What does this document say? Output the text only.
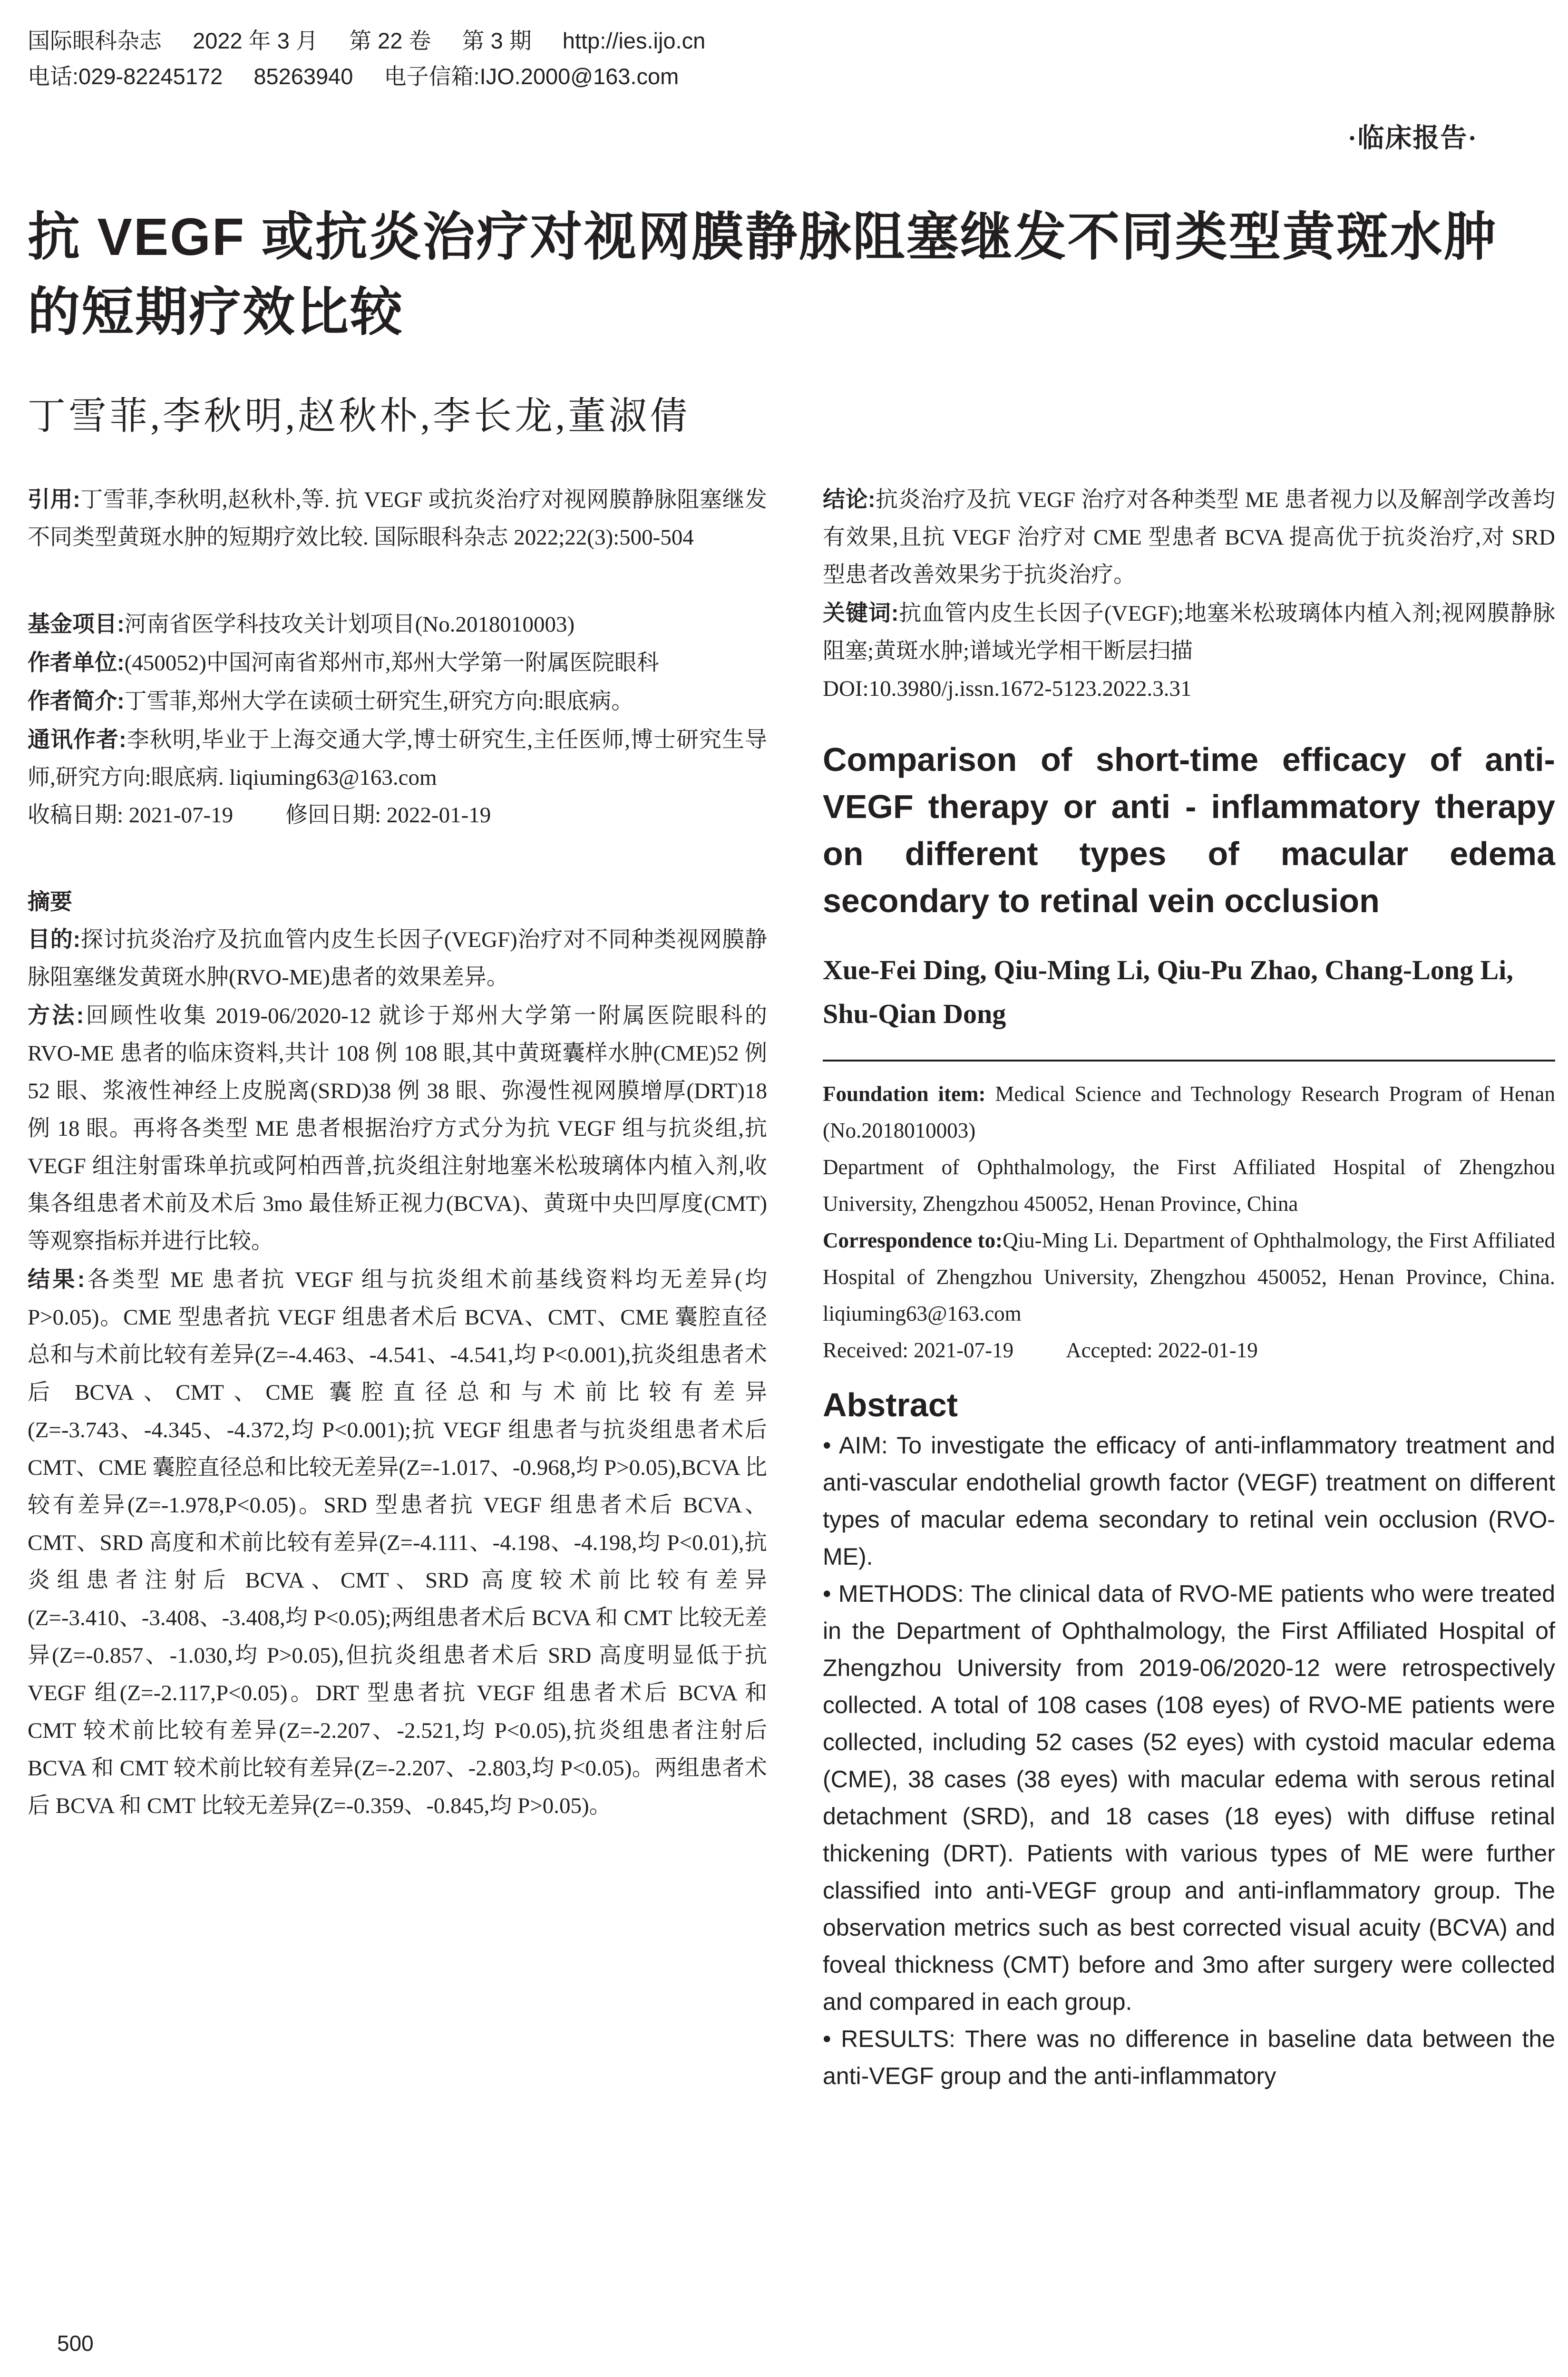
国际眼科杂志 2022 年 3 月 第 22 卷 第 3 期 http://ies.ijo.cn
电话:029-82245172 85263940 电子信箱:IJO.2000@163.com
·临床报告·
抗 VEGF 或抗炎治疗对视网膜静脉阻塞继发不同类型黄斑水肿的短期疗效比较
丁雪菲,李秋明,赵秋朴,李长龙,董淑倩

引用:丁雪菲,李秋明,赵秋朴,等. 抗 VEGF 或抗炎治疗对视网膜静脉阻塞继发不同类型黄斑水肿的短期疗效比较. 国际眼科杂志 2022;22(3):500-504

基金项目:河南省医学科技攻关计划项目(No.2018010003)

作者单位:(450052)中国河南省郑州市,郑州大学第一附属医院眼科

作者简介:丁雪菲,郑州大学在读硕士研究生,研究方向:眼底病。

通讯作者:李秋明,毕业于上海交通大学,博士研究生,主任医师,博士研究生导师,研究方向:眼底病. liqiuming63@163.com

收稿日期: 2021-07-19 修回日期: 2022-01-19

摘要

目的:探讨抗炎治疗及抗血管内皮生长因子(VEGF)治疗对不同种类视网膜静脉阻塞继发黄斑水肿(RVO-ME)患者的效果差异。

方法:回顾性收集 2019-06/2020-12 就诊于郑州大学第一附属医院眼科的 RVO-ME 患者的临床资料,共计 108 例 108 眼,其中黄斑囊样水肿(CME)52 例 52 眼、浆液性神经上皮脱离(SRD)38 例 38 眼、弥漫性视网膜增厚(DRT)18 例 18 眼。再将各类型 ME 患者根据治疗方式分为抗 VEGF 组与抗炎组,抗 VEGF 组注射雷珠单抗或阿柏西普,抗炎组注射地塞米松玻璃体内植入剂,收集各组患者术前及术后 3mo 最佳矫正视力(BCVA)、黄斑中央凹厚度(CMT)等观察指标并进行比较。

结果:各类型 ME 患者抗 VEGF 组与抗炎组术前基线资料均无差异(均 P>0.05)。CME 型患者抗 VEGF 组患者术后 BCVA、CMT、CME 囊腔直径总和与术前比较有差异(Z=-4.463、-4.541、-4.541,均 P<0.001),抗炎组患者术后 BCVA、CMT、CME 囊腔直径总和与术前比较有差异(Z=-3.743、-4.345、-4.372,均 P<0.001);抗 VEGF 组患者与抗炎组患者术后 CMT、CME 囊腔直径总和比较无差异(Z=-1.017、-0.968,均 P>0.05),BCVA 比较有差异(Z=-1.978,P<0.05)。SRD 型患者抗 VEGF 组患者术后 BCVA、CMT、SRD 高度和术前比较有差异(Z=-4.111、-4.198、-4.198,均 P<0.01),抗炎组患者注射后 BCVA、CMT、SRD 高度较术前比较有差异(Z=-3.410、-3.408、-3.408,均 P<0.05);两组患者术后 BCVA 和 CMT 比较无差异(Z=-0.857、-1.030,均 P>0.05),但抗炎组患者术后 SRD 高度明显低于抗 VEGF 组(Z=-2.117,P<0.05)。DRT 型患者抗 VEGF 组患者术后 BCVA 和 CMT 较术前比较有差异(Z=-2.207、-2.521,均 P<0.05),抗炎组患者注射后 BCVA 和 CMT 较术前比较有差异(Z=-2.207、-2.803,均 P<0.05)。两组患者术后 BCVA 和 CMT 比较无差异(Z=-0.359、-0.845,均 P>0.05)。

结论:抗炎治疗及抗 VEGF 治疗对各种类型 ME 患者视力以及解剖学改善均有效果,且抗 VEGF 治疗对 CME 型患者 BCVA 提高优于抗炎治疗,对 SRD 型患者改善效果劣于抗炎治疗。

关键词:抗血管内皮生长因子(VEGF);地塞米松玻璃体内植入剂;视网膜静脉阻塞;黄斑水肿;谱域光学相干断层扫描

DOI:10.3980/j.issn.1672-5123.2022.3.31

Comparison of short-time efficacy of anti-VEGF therapy or anti - inflammatory therapy on different types of macular edema secondary to retinal vein occlusion

Xue-Fei Ding, Qiu-Ming Li, Qiu-Pu Zhao, Chang-Long Li, Shu-Qian Dong

Foundation item: Medical Science and Technology Research Program of Henan (No.2018010003)

Department of Ophthalmology, the First Affiliated Hospital of Zhengzhou University, Zhengzhou 450052, Henan Province, China

Correspondence to:Qiu-Ming Li. Department of Ophthalmology, the First Affiliated Hospital of Zhengzhou University, Zhengzhou 450052, Henan Province, China. liqiuming63@163.com

Received: 2021-07-19 Accepted: 2022-01-19

Abstract

• AIM: To investigate the efficacy of anti-inflammatory treatment and anti-vascular endothelial growth factor (VEGF) treatment on different types of macular edema secondary to retinal vein occlusion (RVO-ME).

• METHODS: The clinical data of RVO-ME patients who were treated in the Department of Ophthalmology, the First Affiliated Hospital of Zhengzhou University from 2019-06/2020-12 were retrospectively collected. A total of 108 cases (108 eyes) of RVO-ME patients were collected, including 52 cases (52 eyes) with cystoid macular edema (CME), 38 cases (38 eyes) with macular edema with serous retinal detachment (SRD), and 18 cases (18 eyes) with diffuse retinal thickening (DRT). Patients with various types of ME were further classified into anti-VEGF group and anti-inflammatory group. The observation metrics such as best corrected visual acuity (BCVA) and foveal thickness (CMT) before and 3mo after surgery were collected and compared in each group.

• RESULTS: There was no difference in baseline data between the anti-VEGF group and the anti-inflammatory

500
